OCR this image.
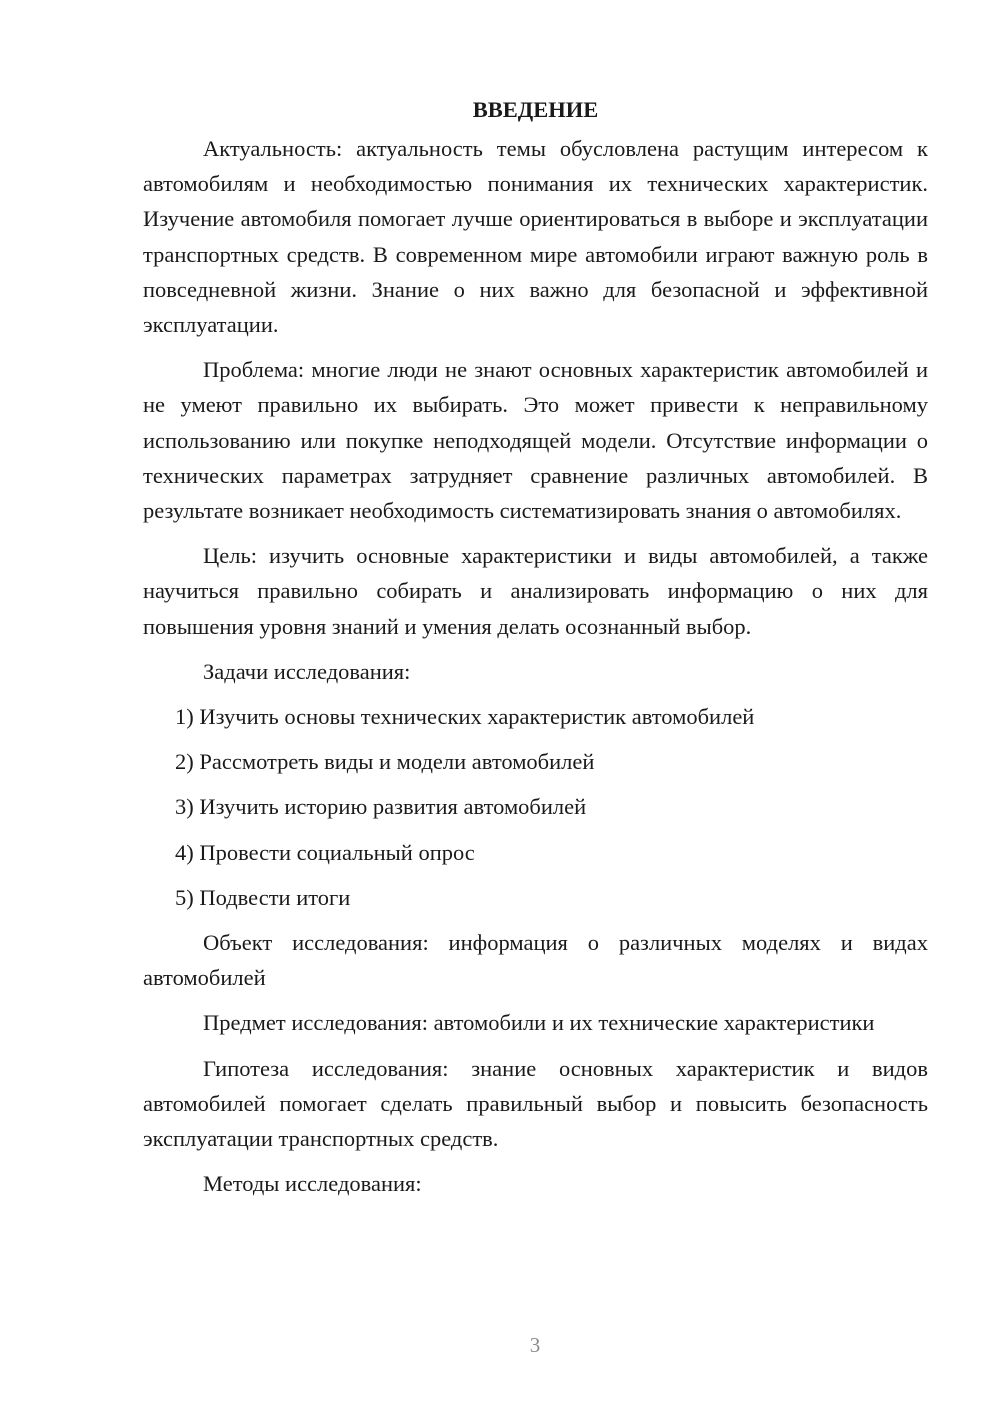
ВВЕДЕНИЕ

Актуальность: актуальность темы обусловлена растущим интересом к автомобилям и необходимостью понимания их технических характеристик. Изучение автомобиля помогает лучше ориентироваться в выборе и эксплуатации транспортных средств. В современном мире автомобили играют важную роль в повседневной жизни. Знание о них важно для безопасной и эффективной эксплуатации.

Проблема: многие люди не знают основных характеристик автомобилей и не умеют правильно их выбирать. Это может привести к неправильному использованию или покупке неподходящей модели. Отсутствие информации о технических параметрах затрудняет сравнение различных автомобилей. В результате возникает необходимость систематизировать знания о автомобилях.

Цель: изучить основные характеристики и виды автомобилей, а также научиться правильно собирать и анализировать информацию о них для повышения уровня знаний и умения делать осознанный выбор.

Задачи исследования:

1) Изучить основы технических характеристик автомобилей

2) Рассмотреть виды и модели автомобилей

3) Изучить историю развития автомобилей

4) Провести социальный опрос

5) Подвести итоги

Объект исследования: информация о различных моделях и видах автомобилей

Предмет исследования: автомобили и их технические характеристики

Гипотеза исследования: знание основных характеристик и видов автомобилей помогает сделать правильный выбор и повысить безопасность эксплуатации транспортных средств.

Методы исследования:

3
